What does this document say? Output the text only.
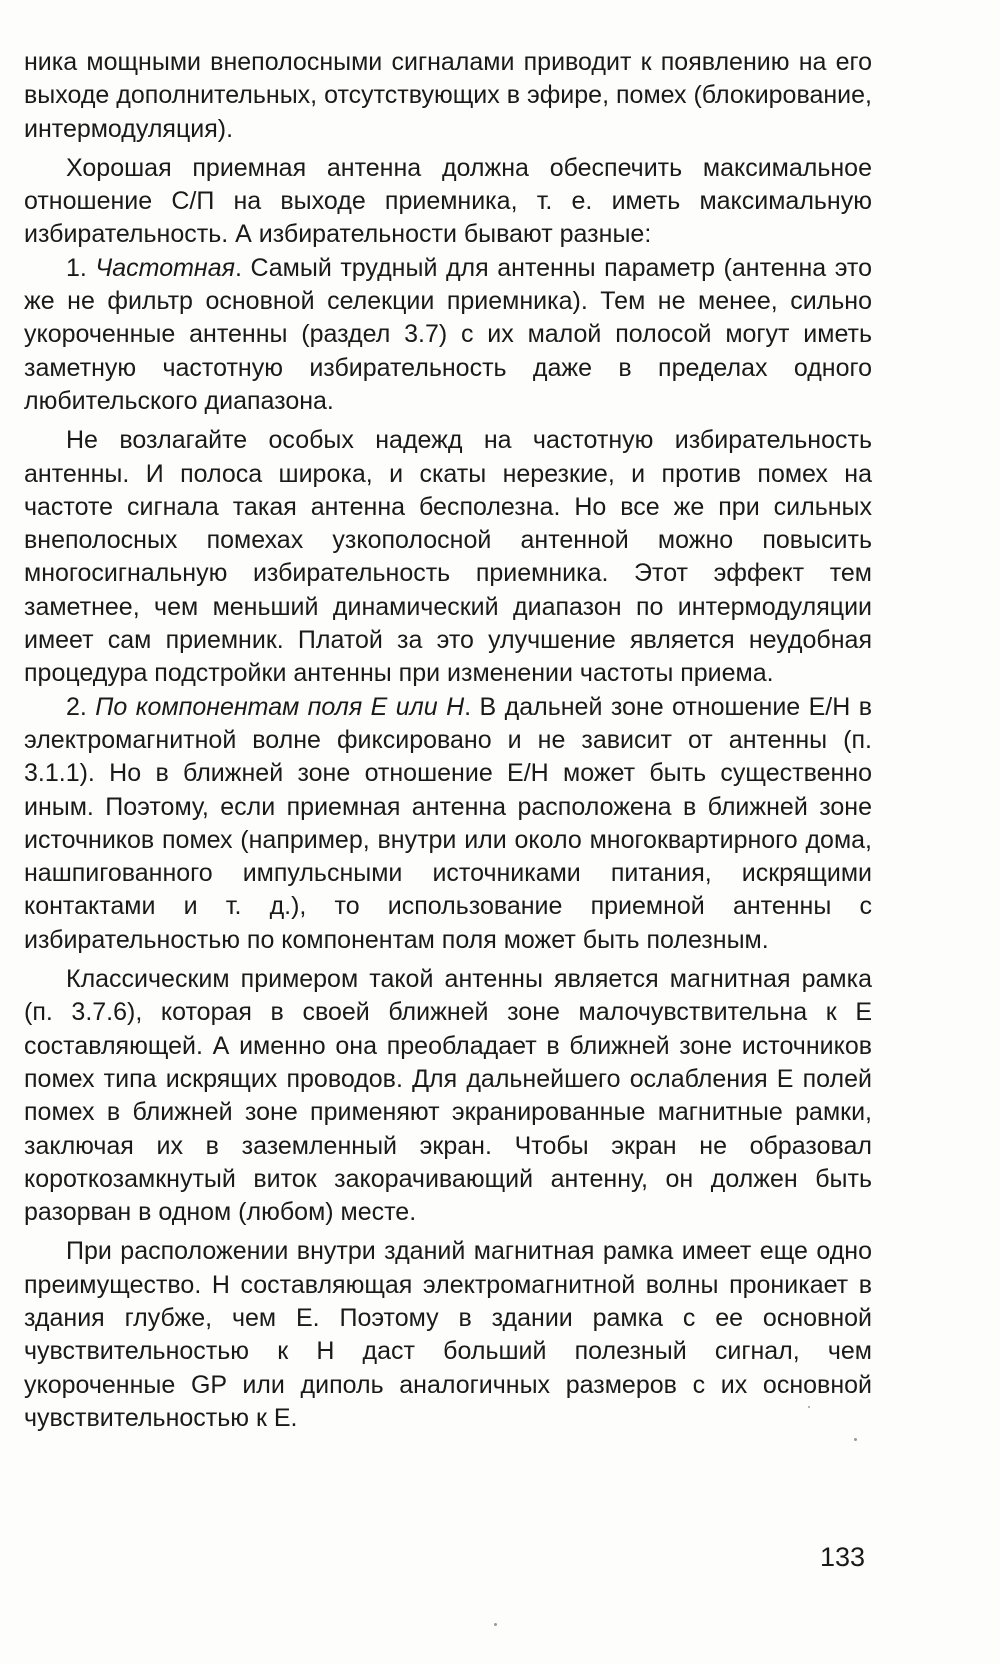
ника мощными внеполосными сигналами приводит к появлению на его выходе дополнительных, отсутствующих в эфире, помех (блокирование, интермодуляция).

Хорошая приемная антенна должна обеспечить максимальное отношение С/П на выходе приемника, т. е. иметь максимальную избирательность. А избирательности бывают разные:

1. Частотная. Самый трудный для антенны параметр (антенна это же не фильтр основной селекции приемника). Тем не менее, сильно укороченные антенны (раздел 3.7) с их малой полосой могут иметь заметную частотную избирательность даже в пределах одного любительского диапазона.

Не возлагайте особых надежд на частотную избирательность антенны. И полоса широка, и скаты нерезкие, и против помех на частоте сигнала такая антенна бесполезна. Но все же при сильных внеполосных помехах узкополосной антенной можно повысить многосигнальную избирательность приемника. Этот эффект тем заметнее, чем меньший динамический диапазон по интермодуляции имеет сам приемник. Платой за это улучшение является неудобная процедура подстройки антенны при изменении частоты приема.

2. По компонентам поля Е или Н. В дальней зоне отношение Е/Н в электромагнитной волне фиксировано и не зависит от антенны (п. 3.1.1). Но в ближней зоне отношение Е/Н может быть существенно иным. Поэтому, если приемная антенна расположена в ближней зоне источников помех (например, внутри или около многоквартирного дома, нашпигованного импульсными источниками питания, искрящими контактами и т. д.), то использование приемной антенны с избирательностью по компонентам поля может быть полезным.

Классическим примером такой антенны является магнитная рамка (п. 3.7.6), которая в своей ближней зоне малочувствительна к Е составляющей. А именно она преобладает в ближней зоне источников помех типа искрящих проводов. Для дальнейшего ослабления Е полей помех в ближней зоне применяют экранированные магнитные рамки, заключая их в заземленный экран. Чтобы экран не образовал короткозамкнутый виток закорачивающий антенну, он должен быть разорван в одном (любом) месте.

При расположении внутри зданий магнитная рамка имеет еще одно преимущество. Н составляющая электромагнитной волны проникает в здания глубже, чем Е. Поэтому в здании рамка с ее основной чувствительностью к Н даст больший полезный сигнал, чем укороченные GP или диполь аналогичных размеров с их основной чувствительностью к Е.

133
